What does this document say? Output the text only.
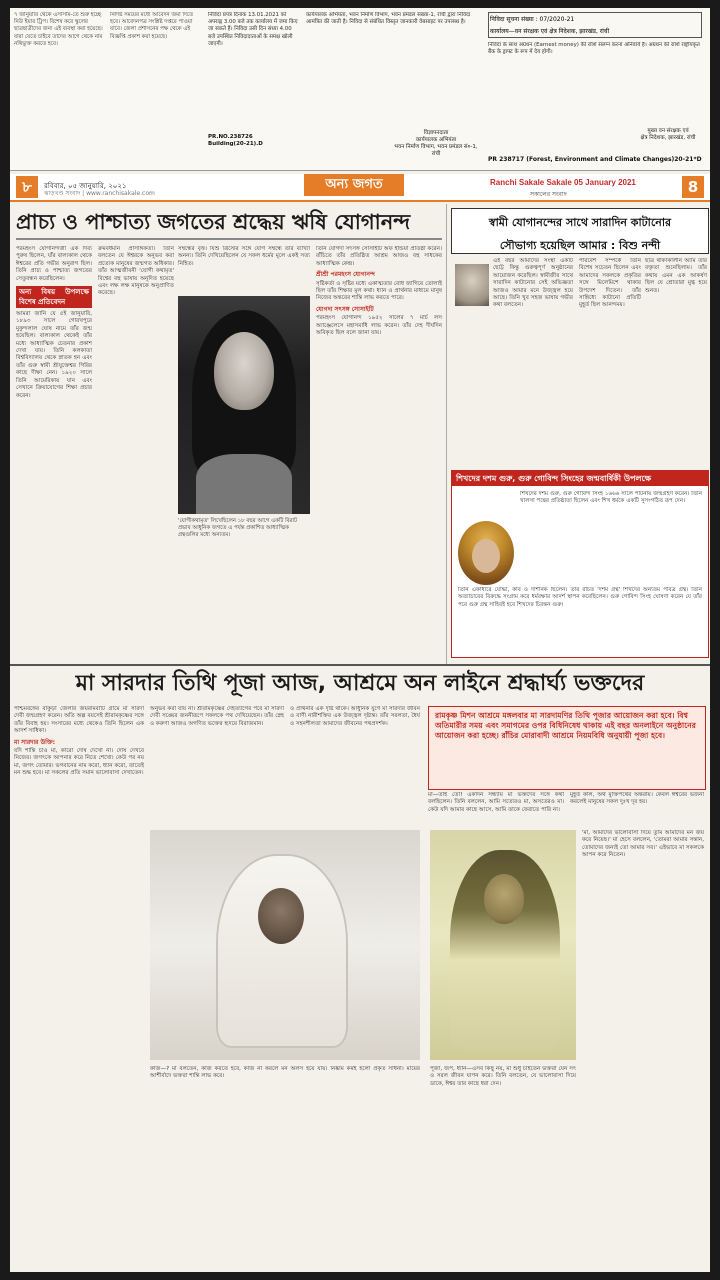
৭ জানুয়ারি থেকে এসসিমি-তে শুরু হচ্ছে নিউ ইয়ার ট্রিপ। বিশেষ করে স্কুলের ছাত্রছাত্রীদের জন্য এই ব্যবস্থা করা হয়েছে। যারা যেতে চাইবে তাদের আগে থেকে নাম নথিভুক্ত করতে হবে।

নির্দিষ্ট সময়ের মধ্যে আবেদন জমা দিতে হবে। আবেদনপত্র সংশ্লিষ্ট দপ্তরে পাওয়া যাবে। জেলা প্রশাসনের পক্ষ থেকে এই বিজ্ঞপ্তি প্রকাশ করা হয়েছে।

निविदा प्रपत्र दिनांक 13.01.2021 को अपराह्न 3.00 बजे तक कार्यालय में जमा किए जा सकते हैं। निविदा उसी दिन संध्या 4.00 बजे उपस्थित निविदादाताओं के समक्ष खोली जाएगी।

कार्यपालक अभियंता, भवन निर्माण विभाग, भवन प्रमंडल संख्या-1, रांची द्वारा निविदा आमंत्रित की जाती है। निविदा से संबंधित विस्तृत जानकारी वेबसाइट पर उपलब्ध है।

PR.NO.238726
Building(20-21).D
विज्ञापनदाता
कार्यपालक अभियंता
भवन निर्माण विभाग, भवन प्रमंडल सं०-1, रांची
निविदा सूचना संख्या : 07/2020-21
कार्यालय—वन संरक्षक एवं क्षेत्र निदेशक, झारखंड, रांची

निविदा के साथ अग्रधन (Earnest money) की राशि संलग्न करना अनिवार्य है। अग्रधन की राशि राष्ट्रीयकृत बैंक के ड्राफ्ट के रूप में देय होगी।

मुख्य वन संरक्षक एवं
क्षेत्र निदेशक, झारखंड, रांची
PR 238717 (Forest, Environment and Climate Changes)20-21*D
৮	রবিবার, ০৫ জানুয়ারি, ২০২১
ঝাড়খণ্ড সংবাদ | www.ranchisakale.com
অন্য জগত	Ranchi Sakale Sakale 05 January 2021
সকালের সংবাদ	8
প্রাচ্য ও পাশ্চাত্য জগতের শ্রদ্ধেয় ঋষি যোগানন্দ

পরমহংস যোগানন্দজী এক দিব্য পুরুষ ছিলেন, যাঁর বাল্যকাল থেকে ঈশ্বরের প্রতি গভীর অনুরাগ ছিল। তিনি প্রাচ্য ও পাশ্চাত্য জগতের সেতুবন্ধন করেছিলেন।

অন্য বিষয় উপলক্ষে বিশেষ প্রতিবেদন

আমরা জানি যে ৫ই জানুয়ারি, ১৮৯৩ সালে গোরখপুরে মুকুন্দলাল ঘোষ নামে তাঁর জন্ম হয়েছিল। বাল্যকাল থেকেই তাঁর মধ্যে আধ্যাত্মিক চেতনার প্রকাশ দেখা যায়। তিনি কলকাতা বিশ্ববিদ্যালয় থেকে স্নাতক হন এবং তাঁর গুরু স্বামী শ্রীযুক্তেশ্বর গিরির কাছে দীক্ষা নেন। ১৯২০ সালে তিনি আমেরিকায় যান এবং সেখানে ক্রিয়াযোগের শিক্ষা প্রচার করেন।

ক্রমবর্ধমান প্রাসঙ্গিকতা। তিনি বলতেন যে ঈশ্বরকে অনুভব করা প্রত্যেক মানুষের জন্মগত অধিকার। তাঁর আত্মজীবনী 'যোগী কথামৃত' বিশ্বের বহু ভাষায় অনূদিত হয়েছে এবং লক্ষ লক্ষ মানুষকে অনুপ্রাণিত করেছে।

'যোগীকথামৃত' লিখেছিলেন ১৮ বছর আগে একটি বিরাট প্রভাব আধুনিক জগতে এ পর্যন্ত প্রকাশিত আধ্যাত্মিক গ্রন্থগুলির মধ্যে অন্যতম।

সম্বন্ধের বৃত্ত। যিশু খ্রিস্টের সঙ্গে যোগ সম্বন্ধে তাঁর ব্যাখ্যা অনন্য। তিনি দেখিয়েছিলেন যে সকল ধর্মের মূলে একই সত্য নিহিত।

তিনি যোগদা সৎসঙ্গ সোসাইটি অফ ইন্ডিয়া প্রতিষ্ঠা করেন। রাঁচিতে তাঁর প্রতিষ্ঠিত আশ্রম আজও বহু সাধকের আধ্যাত্মিক কেন্দ্র।

শ্রীশ্রী পরমহংস যোগানন্দ

সৃষ্টিকর্তা ও সৃষ্টির মধ্যে একাত্মতার বোধ জাগিয়ে তোলাই ছিল তাঁর শিক্ষার মূল কথা। ধ্যান ও প্রার্থনার মাধ্যমে মানুষ নিজের অন্তরের শান্তি লাভ করতে পারে।

যোগদা সৎসঙ্গ সোসাইটি

পরমহংস যোগানন্দ ১৯৫২ সালের ৭ মার্চ লস অ্যাঞ্জেলেসে মহাসমাধি লাভ করেন। তাঁর দেহ দীর্ঘদিন অবিকৃত ছিল বলে জানা যায়।

স্বামী যোগানন্দের সাথে সারাদিন কাটানোর
সৌভাগ্য হয়েছিল আমার : বিশু নন্দী

এই বছর আমাদের সংস্থা একটি ছোট্ট কিন্তু গুরুত্বপূর্ণ অনুষ্ঠানের আয়োজন করেছিল। স্বামীজীর সাথে সারাদিন কাটানোর সেই অভিজ্ঞতা আজও আমার মনে উজ্জ্বল হয়ে আছে। তিনি খুব সহজ ভাষায় গভীর কথা বলতেন।

পরিবেশ সম্পর্কে তিনি বিশেষ সচেতন ছিলেন এবং আমাদের সকলকে প্রকৃতির সঙ্গে মিলেমিশে থাকার উপদেশ দিতেন। তাঁর সান্নিধ্যে কাটানো প্রতিটি মুহূর্ত ছিল আনন্দময়।

ছাত্র থাকাকালীন আমি তাঁর বক্তৃতা শুনেছিলাম। তাঁর কথায় এমন এক আকর্ষণ ছিল যে শ্রোতারা মুগ্ধ হয়ে শুনত।

শিখদের দশম গুরু, গুরু গোবিন্দ সিংহের জন্মবার্ষিকী উপলক্ষে
শিখদের দশম গুরু, গুরু গোবিন্দ সিংহ ১৬৬৬ সালে পাটনায় জন্মগ্রহণ করেন। তিনি খালসা পন্থের প্রতিষ্ঠাতা ছিলেন এবং শিখ ধর্মকে একটি সুসংগঠিত রূপ দেন।
তিনি একাধারে যোদ্ধা, কবি ও দার্শনিক ছিলেন। তাঁর রচিত 'দশম গ্রন্থ' শিখদের অন্যতম পবিত্র গ্রন্থ। তিনি অত্যাচারের বিরুদ্ধে সংগ্রাম করে ধর্মরক্ষার আদর্শ স্থাপন করেছিলেন। গুরু গোবিন্দ সিংহ ঘোষণা করেন যে তাঁর পরে গুরু গ্রন্থ সাহিবই হবে শিখদের চিরন্তন গুরু।
মা সারদার তিথি পূজা আজ, আশ্রমে অন লাইনে শ্রদ্ধার্ঘ্য ভক্তদের

পশ্চিমবঙ্গের বাঁকুড়া জেলার জয়রামবাটি গ্রামে মা সারদা দেবী জন্মগ্রহণ করেন। অতি অল্প বয়সেই শ্রীরামকৃষ্ণের সঙ্গে তাঁর বিবাহ হয়। সংসারের মধ্যে থেকেও তিনি ছিলেন এক আদর্শ সাধিকা।

মা সারদার উক্তি:

যদি শান্তি চাও মা, কারো দোষ দেখো না। দোষ দেখবে নিজের। জগৎকে আপনার করে নিতে শেখো। কেউ পর নয় মা, জগৎ তোমার। ভগবানের নাম করো, ধ্যান করো, তাতেই মন শুদ্ধ হবে। মা সকলের প্রতি সমান ভালোবাসা দেখাতেন।

অনুভব করা যায় না। শ্রীরামকৃষ্ণের দেহত্যাগের পরে মা সারদা দেবী সঙ্ঘের জননীরূপে সকলকে পথ দেখিয়েছেন। তাঁর স্নেহ ও করুণা আজও অগণিত ভক্তের হৃদয়ে বিরাজমান।

ও প্রার্থনার এক দৃষ্টি থাকে। আধুনিক যুগে মা সারদার জীবন ও বাণী নারীশক্তির এক উজ্জ্বল দৃষ্টান্ত। তাঁর সরলতা, ধৈর্য ও সহনশীলতা আমাদের জীবনের পথপ্রদর্শক।

রামকৃষ্ণ মিশন আশ্রমে মঙ্গলবার মা সারদামণির তিথি পূজার আয়োজন করা হবে। বিশ্ব অতিমারীর সময় এবং সমাগমের ওপর বিধিনিষেধ থাকায় এই বছর অনলাইনে অনুষ্ঠানের আয়োজন করা হচ্ছে। রাঁচির মোরাবাদী আশ্রমে নিয়মবিধি অনুযায়ী পূজা হবে।

মা—তাই তো! একদিন সন্ধ্যায় মা ভক্তদের সঙ্গে কথা বলছিলেন। তিনি বললেন, আমি সত্যেরও মা, অসতেরও মা। কেউ যদি আমার কাছে আসে, আমি তাকে ফেরাতে পারি না।

মুহূর্ত কাল, অর্থ মুক্তিপথের অন্তরায়। কেবল ঈশ্বরের ভজনা করলেই মানুষের সকল দুঃখ দূর হয়।

'মা, আমাদের ভালোবাসা দিয়ে তুমি আমাদের মন জয় করে নিয়েছ।' মা হেসে বললেন, 'তোমরা আমার সন্তান, তোমাদের জন্যই তো আমার সব।' এইভাবে মা সকলকে আপন করে নিতেন।

কাজ—? মা বলতেন, কাজ করতে হবে, কাজ না করলে মন অলস হয়ে যায়। নিষ্কাম কর্মই হলো প্রকৃত সাধনা। মায়ের আশীর্বাদে ভক্তরা শান্তি লাভ করে।

পূজা, জপ, ধ্যান—এসব কিছু নয়, মা শুধু চাইতেন ভক্তরা যেন সৎ ও সরল জীবন যাপন করে। তিনি বলতেন, যে ভালোবাসা দিয়ে ডাকে, ঈশ্বর তার কাছে ধরা দেন।
